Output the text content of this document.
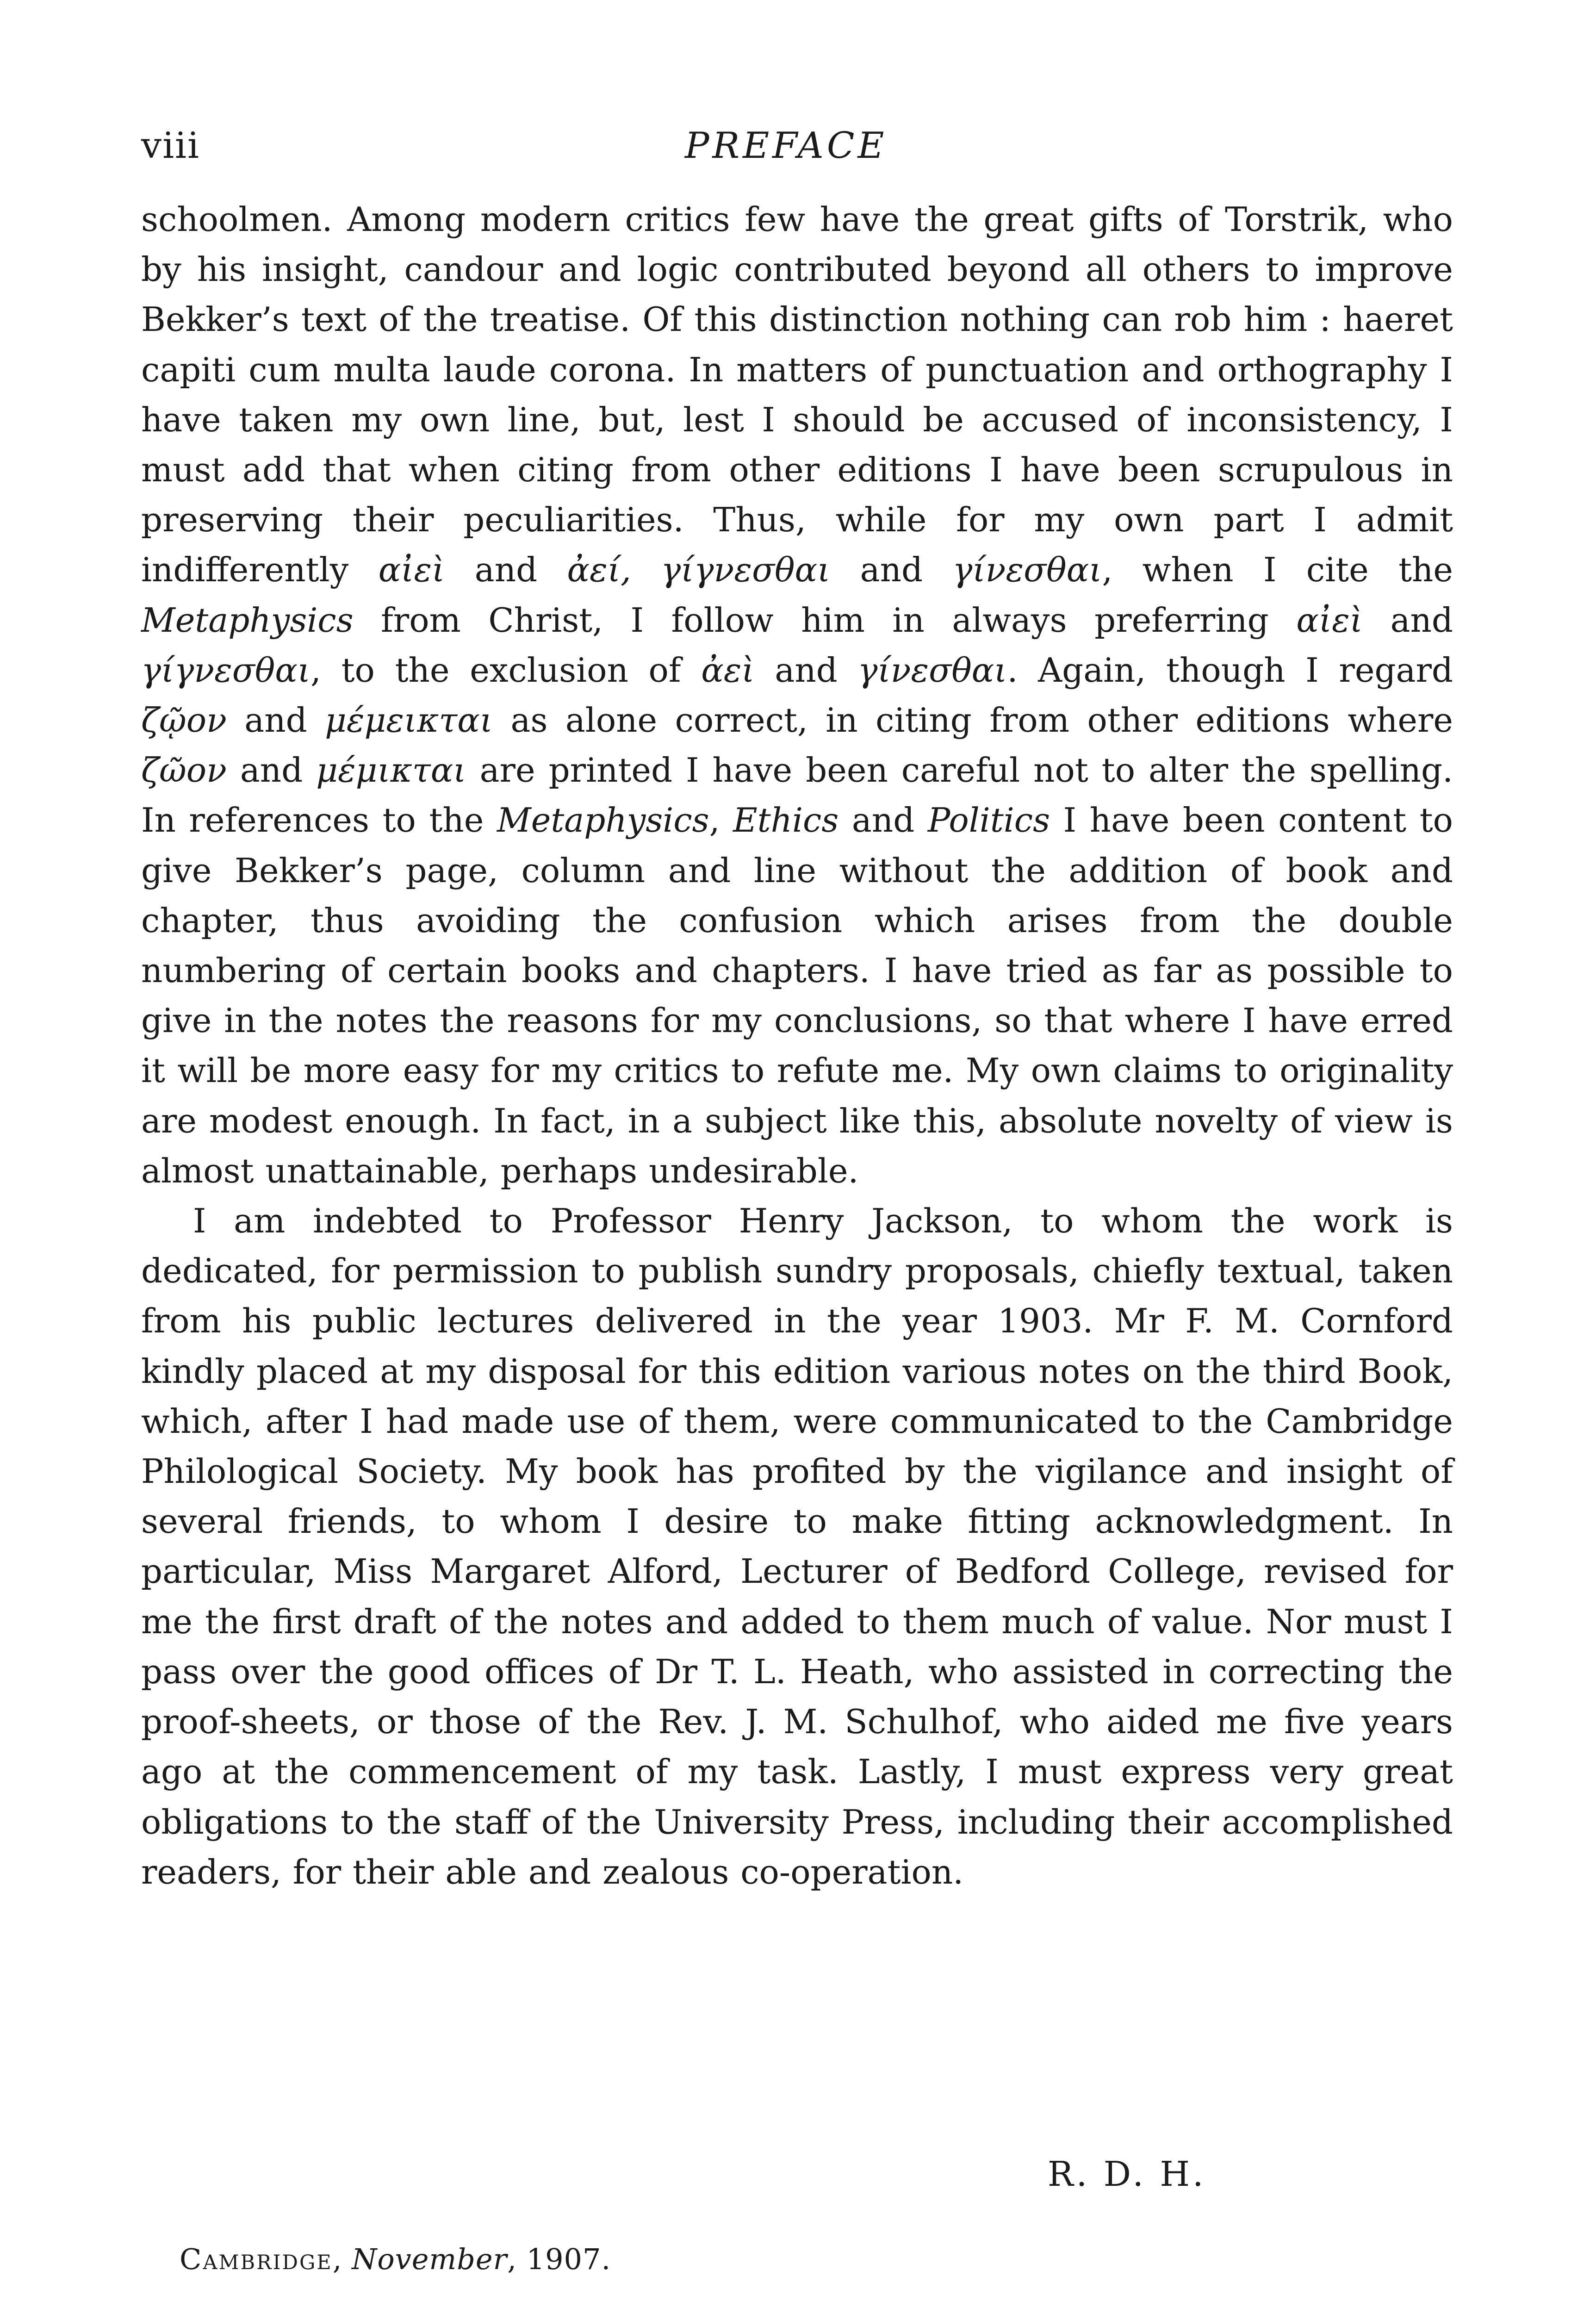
viii	PREFACE

schoolmen. Among modern critics few have the great gifts of Torstrik, who by his insight, candour and logic contributed beyond all others to improve Bekker’s text of the treatise. Of this distinction nothing can rob him : haeret capiti cum multa laude corona. In matters of punctuation and orthography I have taken my own line, but, lest I should be accused of inconsistency, I must add that when citing from other editions I have been scrupulous in preserving their peculiarities. Thus, while for my own part I admit indifferently αἰεὶ and ἀεί, γίγνεσθαι and γίνεσθαι, when I cite the Metaphysics from Christ, I follow him in always preferring αἰεὶ and γίγνεσθαι, to the exclusion of ἀεὶ and γίνεσθαι. Again, though I regard ζῷον and μέμεικται as alone correct, in citing from other editions where ζῶον and μέμικται are printed I have been careful not to alter the spelling. In references to the Metaphysics, Ethics and Politics I have been content to give Bekker’s page, column and line without the addition of book and chapter, thus avoiding the confusion which arises from the double numbering of certain books and chapters. I have tried as far as possible to give in the notes the reasons for my conclusions, so that where I have erred it will be more easy for my critics to refute me. My own claims to originality are modest enough. In fact, in a subject like this, absolute novelty of view is almost unattainable, perhaps undesirable.

I am indebted to Professor Henry Jackson, to whom the work is dedicated, for permission to publish sundry proposals, chiefly textual, taken from his public lectures delivered in the year 1903. Mr F. M. Cornford kindly placed at my disposal for this edition various notes on the third Book, which, after I had made use of them, were communicated to the Cambridge Philological Society. My book has profited by the vigilance and insight of several friends, to whom I desire to make fitting acknowledgment. In particular, Miss Margaret Alford, Lecturer of Bedford College, revised for me the first draft of the notes and added to them much of value. Nor must I pass over the good offices of Dr T. L. Heath, who assisted in correcting the proof-sheets, or those of the Rev. J. M. Schulhof, who aided me five years ago at the commencement of my task. Lastly, I must express very great obligations to the staff of the University Press, including their accomplished readers, for their able and zealous co-operation.

R. D. H.
Cambridge, November, 1907.
